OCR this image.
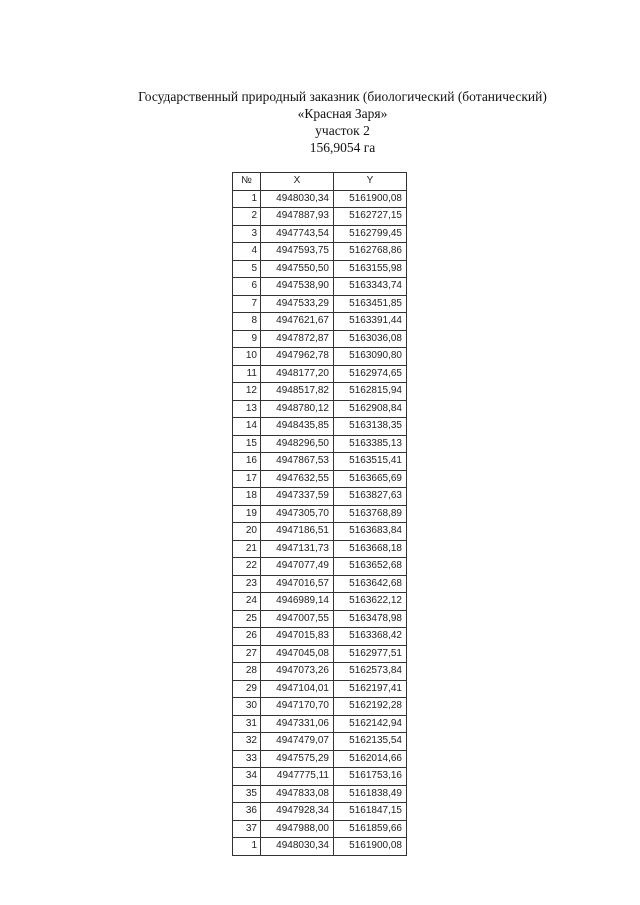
Государственный природный заказник (биологический (ботанический)
«Красная Заря»
участок 2
156,9054 га
№	X	Y
1	4948030,34	5161900,08
2	4947887,93	5162727,15
3	4947743,54	5162799,45
4	4947593,75	5162768,86
5	4947550,50	5163155,98
6	4947538,90	5163343,74
7	4947533,29	5163451,85
8	4947621,67	5163391,44
9	4947872,87	5163036,08
10	4947962,78	5163090,80
11	4948177,20	5162974,65
12	4948517,82	5162815,94
13	4948780,12	5162908,84
14	4948435,85	5163138,35
15	4948296,50	5163385,13
16	4947867,53	5163515,41
17	4947632,55	5163665,69
18	4947337,59	5163827,63
19	4947305,70	5163768,89
20	4947186,51	5163683,84
21	4947131,73	5163668,18
22	4947077,49	5163652,68
23	4947016,57	5163642,68
24	4946989,14	5163622,12
25	4947007,55	5163478,98
26	4947015,83	5163368,42
27	4947045,08	5162977,51
28	4947073,26	5162573,84
29	4947104,01	5162197,41
30	4947170,70	5162192,28
31	4947331,06	5162142,94
32	4947479,07	5162135,54
33	4947575,29	5162014,66
34	4947775,11	5161753,16
35	4947833,08	5161838,49
36	4947928,34	5161847,15
37	4947988,00	5161859,66
1	4948030,34	5161900,08
